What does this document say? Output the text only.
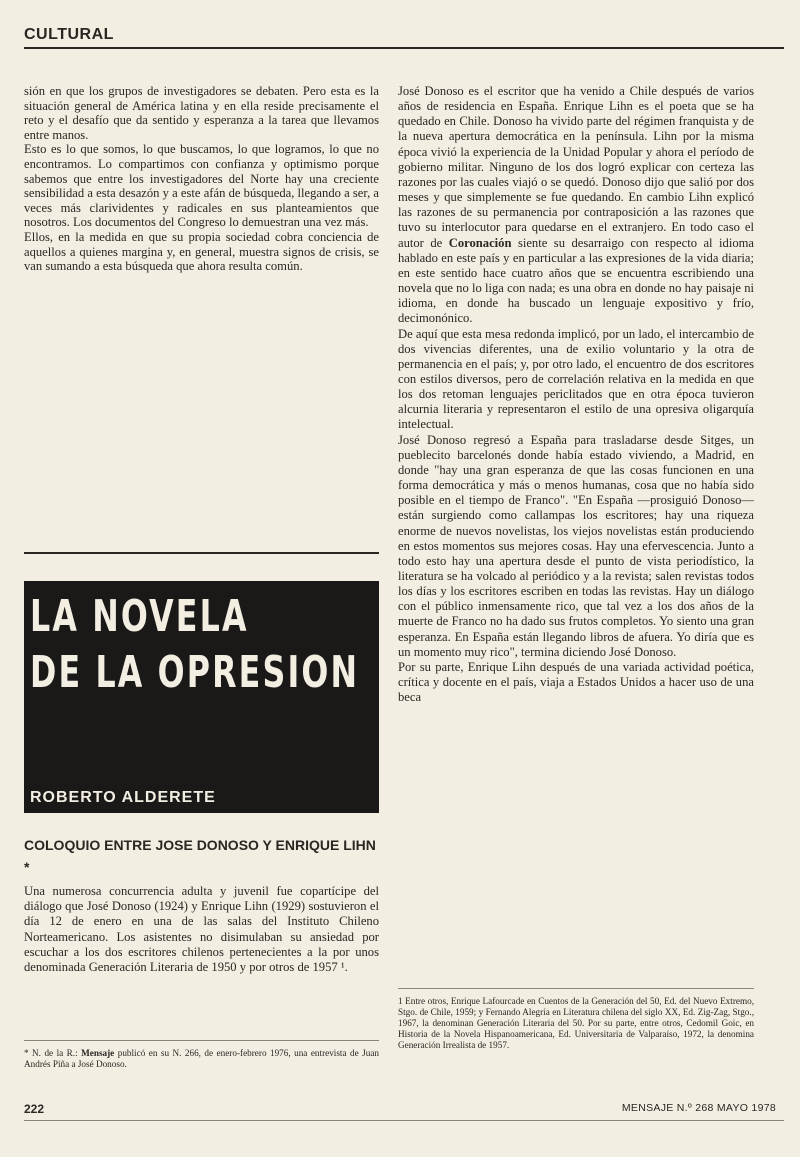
CULTURAL

sión en que los grupos de investigadores se debaten. Pero esta es la situación general de América latina y en ella reside precisamente el reto y el desafío que da sentido y esperanza a la tarea que llevamos entre manos.

Esto es lo que somos, lo que buscamos, lo que logramos, lo que no encontramos. Lo compartimos con confianza y optimismo porque sabemos que entre los investigadores del Norte hay una creciente sensibilidad a esta desazón y a este afán de búsqueda, llegando a ser, a veces más clarividentes y radicales en sus planteamientos que nosotros. Los documentos del Congreso lo demuestran una vez más.

Ellos, en la medida en que su propia sociedad cobra conciencia de aquellos a quienes margina y, en general, muestra signos de crisis, se van sumando a esta búsqueda que ahora resulta común.

LA NOVELA
DE LA OPRESION
ROBERTO ALDERETE
COLOQUIO ENTRE JOSE DONOSO Y ENRIQUE LIHN *

Una numerosa concurrencia adulta y juvenil fue copartícipe del diálogo que José Donoso (1924) y Enrique Lihn (1929) sostuvieron el día 12 de enero en una de las salas del Instituto Chileno Norteamericano. Los asistentes no disimulaban su ansiedad por escuchar a los dos escritores chilenos pertenecientes a la por unos denominada Generación Literaria de 1950 y por otros de 1957 ¹.

* N. de la R.: Mensaje publicó en su N. 266, de enero-febrero 1976, una entrevista de Juan Andrés Piña a José Donoso.

José Donoso es el escritor que ha venido a Chile después de varios años de residencia en España. Enrique Lihn es el poeta que se ha quedado en Chile. Donoso ha vivido parte del régimen franquista y de la nueva apertura democrática en la península. Lihn por la misma época vivió la experiencia de la Unidad Popular y ahora el período de gobierno militar. Ninguno de los dos logró explicar con certeza las razones por las cuales viajó o se quedó. Donoso dijo que salió por dos meses y que simplemente se fue quedando. En cambio Lihn explicó las razones de su permanencia por contraposición a las razones que tuvo su interlocutor para quedarse en el extranjero. En todo caso el autor de Coronación siente su desarraigo con respecto al idioma hablado en este país y en particular a las expresiones de la vida diaria; en este sentido hace cuatro años que se encuentra escribiendo una novela que no lo liga con nada; es una obra en donde no hay paisaje ni idioma, en donde ha buscado un lenguaje expositivo y frío, decimonónico.

De aquí que esta mesa redonda implicó, por un lado, el intercambio de dos vivencias diferentes, una de exilio voluntario y la otra de permanencia en el país; y, por otro lado, el encuentro de dos escritores con estilos diversos, pero de correlación relativa en la medida en que los dos retoman lenguajes periclitados que en otra época tuvieron alcurnia literaria y representaron el estilo de una opresiva oligarquía intelectual.

José Donoso regresó a España para trasladarse desde Sitges, un pueblecito barcelonés donde había estado viviendo, a Madrid, en donde "hay una gran esperanza de que las cosas funcionen en una forma democrática y más o menos humanas, cosa que no había sido posible en el tiempo de Franco". "En España —prosiguió Donoso— están surgiendo como callampas los escritores; hay una riqueza enorme de nuevos novelistas, los viejos novelistas están produciendo en estos momentos sus mejores cosas. Hay una efervescencia. Junto a todo esto hay una apertura desde el punto de vista periodístico, la literatura se ha volcado al periódico y a la revista; salen revistas todos los días y los escritores escriben en todas las revistas. Hay un diálogo con el público inmensamente rico, que tal vez a los dos años de la muerte de Franco no ha dado sus frutos completos. Yo siento una gran esperanza. En España están llegando libros de afuera. Yo diría que es un momento muy rico", termina diciendo José Donoso.

Por su parte, Enrique Lihn después de una variada actividad poética, crítica y docente en el país, viaja a Estados Unidos a hacer uso de una beca

1 Entre otros, Enrique Lafourcade en Cuentos de la Generación del 50, Ed. del Nuevo Extremo, Stgo. de Chile, 1959; y Fernando Alegría en Literatura chilena del siglo XX, Ed. Zig-Zag, Stgo., 1967, la denominan Generación Literaria del 50. Por su parte, entre otros, Cedomil Goic, en Historia de la Novela Hispanoamericana, Ed. Universitaria de Valparaíso, 1972, la denomina Generación Irrealista de 1957.

222	MENSAJE N.º 268 MAYO 1978
